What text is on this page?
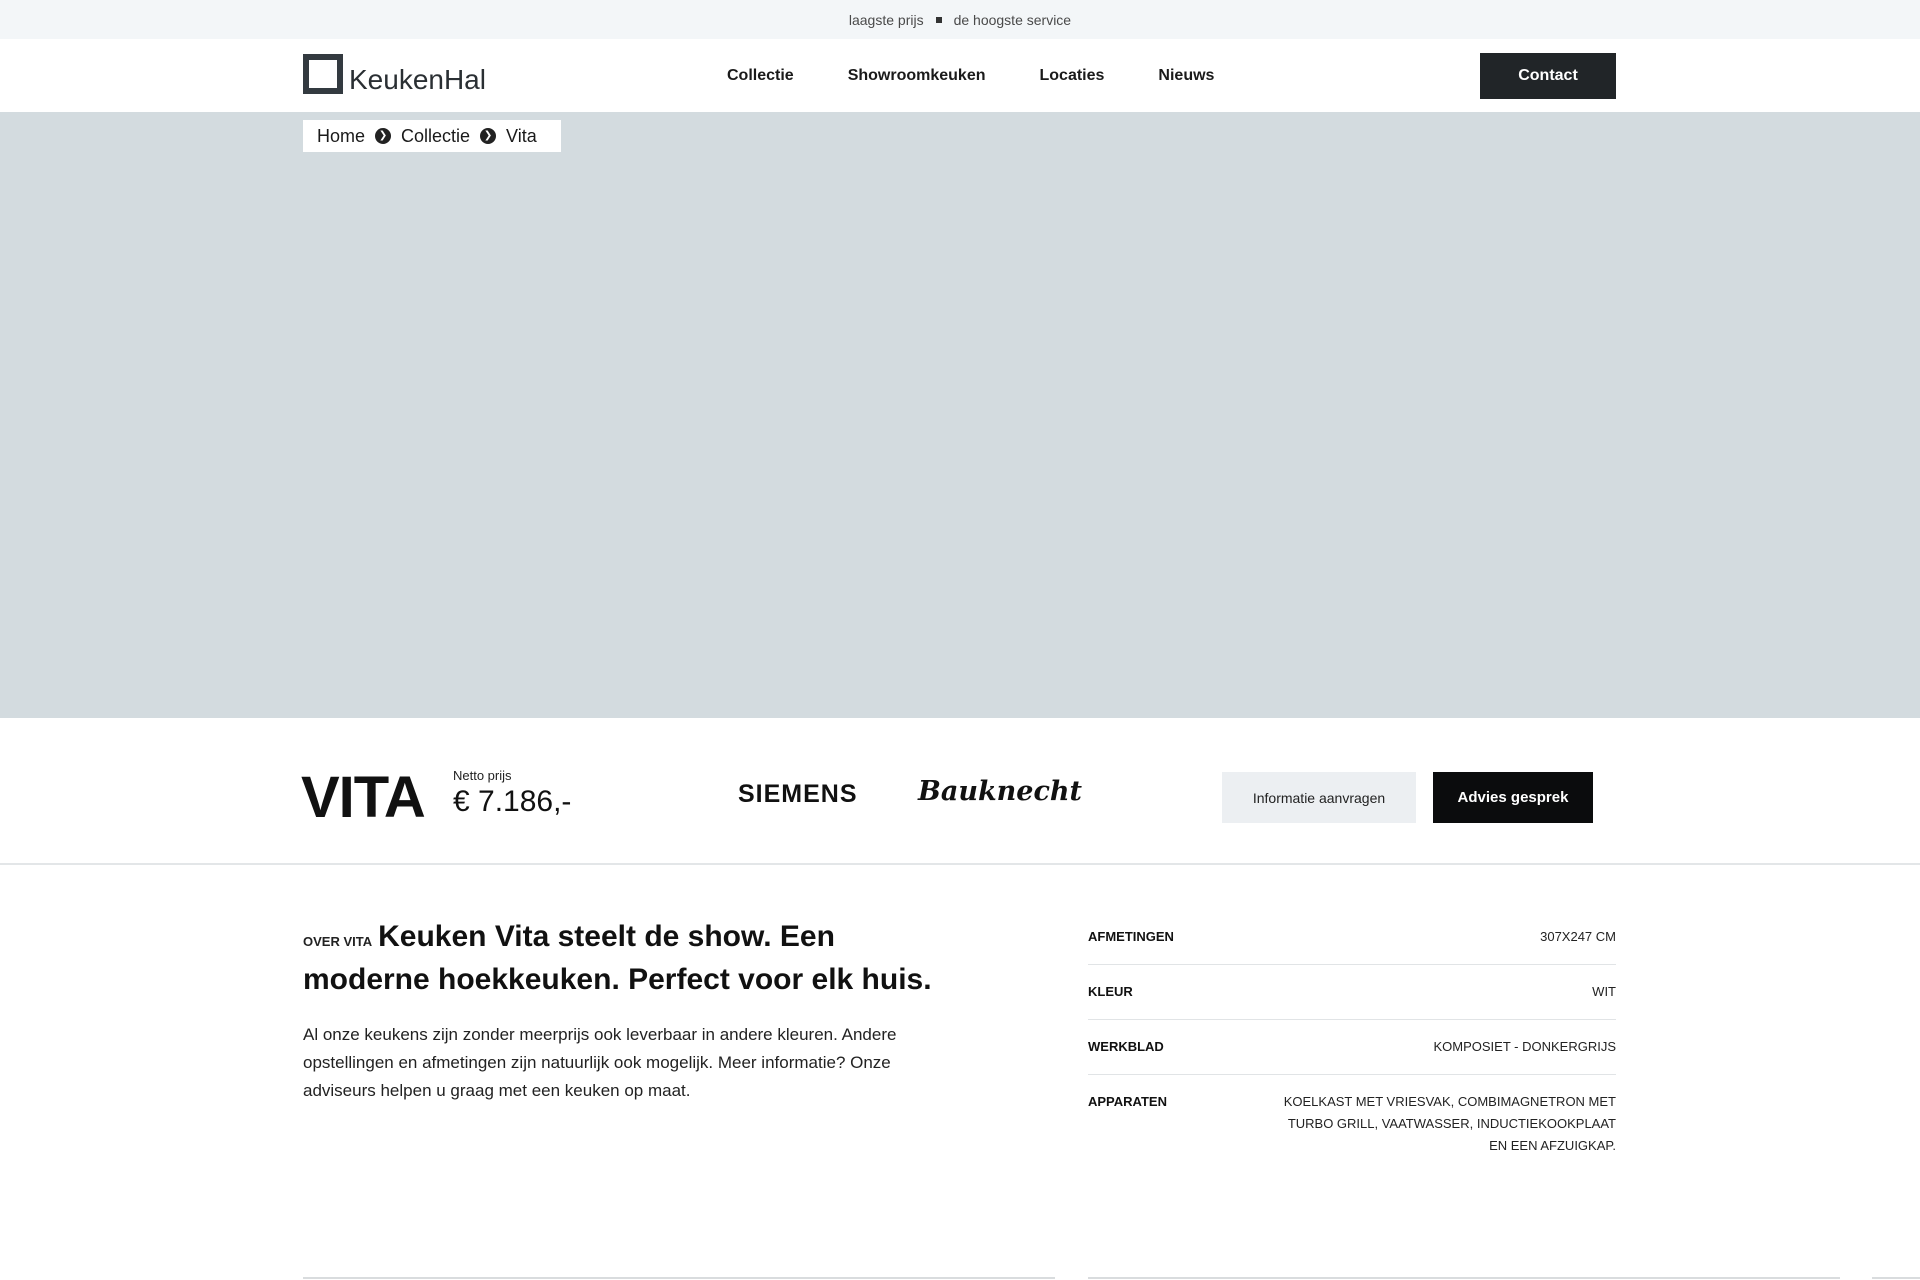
laagste prijs de hoogste service
KeukenHal	Collectie	Showroomkeuken	Locaties	Nieuws	Contact
Home	❯ Collectie	❯ Vita
VITA Netto prijs
€ 7.186,-	SIEMENS Bauknecht	Informatie aanvragen	Advies gesprek
OVER VITA Keuken Vita steelt de show. Een moderne hoekkeuken. Perfect voor elk huis.

Al onze keukens zijn zonder meerprijs ook leverbaar in andere kleuren. Andere opstellingen en afmetingen zijn natuurlijk ook mogelijk. Meer informatie? Onze adviseurs helpen u graag met een keuken op maat.

AFMETINGEN	307X247 CM
KLEUR	WIT
WERKBLAD	KOMPOSIET - DONKERGRIJS
APPARATEN	KOELKAST MET VRIESVAK, COMBIMAGNETRON MET TURBO GRILL, VAATWASSER, INDUCTIEKOOKPLAAT EN EEN AFZUIGKAP.
